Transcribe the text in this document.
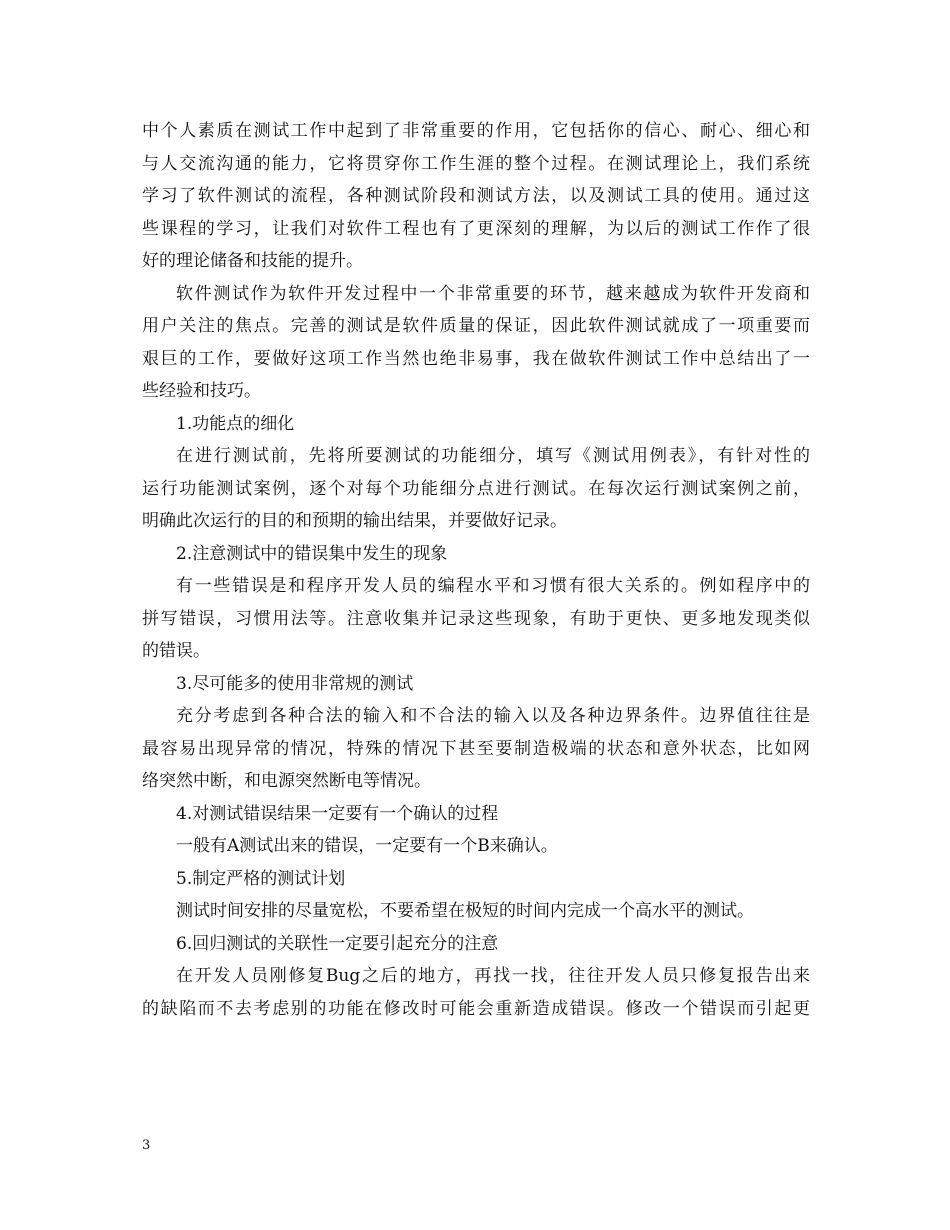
中个人素质在测试工作中起到了非常重要的作用，它包括你的信心、耐心、细心和
与人交流沟通的能力，它将贯穿你工作生涯的整个过程。在测试理论上，我们系统
学习了软件测试的流程，各种测试阶段和测试方法，以及测试工具的使用。通过这
些课程的学习，让我们对软件工程也有了更深刻的理解，为以后的测试工作作了很
好的理论储备和技能的提升。
软件测试作为软件开发过程中一个非常重要的环节，越来越成为软件开发商和
用户关注的焦点。完善的测试是软件质量的保证，因此软件测试就成了一项重要而
艰巨的工作，要做好这项工作当然也绝非易事，我在做软件测试工作中总结出了一
些经验和技巧。
1.功能点的细化
在进行测试前，先将所要测试的功能细分，填写《测试用例表》，有针对性的
运行功能测试案例，逐个对每个功能细分点进行测试。在每次运行测试案例之前，
明确此次运行的目的和预期的输出结果，并要做好记录。
2.注意测试中的错误集中发生的现象
有一些错误是和程序开发人员的编程水平和习惯有很大关系的。例如程序中的
拼写错误，习惯用法等。注意收集并记录这些现象，有助于更快、更多地发现类似
的错误。
3.尽可能多的使用非常规的测试
充分考虑到各种合法的输入和不合法的输入以及各种边界条件。边界值往往是
最容易出现异常的情况，特殊的情况下甚至要制造极端的状态和意外状态，比如网
络突然中断，和电源突然断电等情况。
4.对测试错误结果一定要有一个确认的过程
一般有A测试出来的错误，一定要有一个B来确认。
5.制定严格的测试计划
测试时间安排的尽量宽松，不要希望在极短的时间内完成一个高水平的测试。
6.回归测试的关联性一定要引起充分的注意
在开发人员刚修复Bug之后的地方，再找一找，往往开发人员只修复报告出来
的缺陷而不去考虑别的功能在修改时可能会重新造成错误。修改一个错误而引起更
3
